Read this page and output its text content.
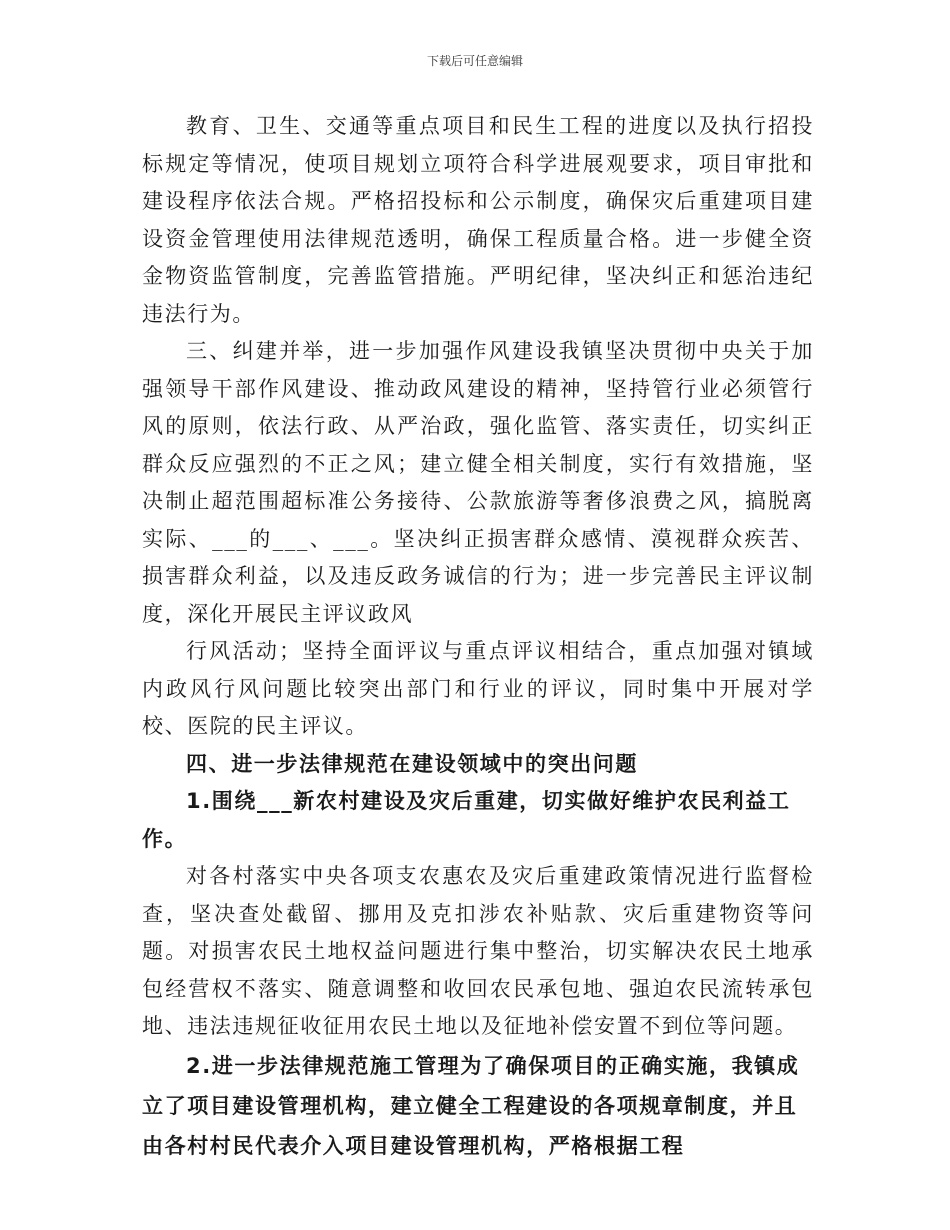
下载后可任意编辑

教育、卫生、交通等重点项目和民生工程的进度以及执行招投标规定等情况，使项目规划立项符合科学进展观要求，项目审批和建设程序依法合规。严格招投标和公示制度，确保灾后重建项目建设资金管理使用法律规范透明，确保工程质量合格。进一步健全资金物资监管制度，完善监管措施。严明纪律，坚决纠正和惩治违纪违法行为。

三、纠建并举，进一步加强作风建设我镇坚决贯彻中央关于加强领导干部作风建设、推动政风建设的精神，坚持管行业必须管行风的原则，依法行政、从严治政，强化监管、落实责任，切实纠正群众反应强烈的不正之风；建立健全相关制度，实行有效措施，坚决制止超范围超标准公务接待、公款旅游等奢侈浪费之风，搞脱离实际、___的___、___。坚决纠正损害群众感情、漠视群众疾苦、损害群众利益，以及违反政务诚信的行为；进一步完善民主评议制度，深化开展民主评议政风

行风活动；坚持全面评议与重点评议相结合，重点加强对镇域内政风行风问题比较突出部门和行业的评议，同时集中开展对学校、医院的民主评议。

四、进一步法律规范在建设领域中的突出问题

1.围绕___新农村建设及灾后重建，切实做好维护农民利益工作。

对各村落实中央各项支农惠农及灾后重建政策情况进行监督检查，坚决查处截留、挪用及克扣涉农补贴款、灾后重建物资等问题。对损害农民土地权益问题进行集中整治，切实解决农民土地承包经营权不落实、随意调整和收回农民承包地、强迫农民流转承包地、违法违规征收征用农民土地以及征地补偿安置不到位等问题。

2.进一步法律规范施工管理为了确保项目的正确实施，我镇成立了项目建设管理机构，建立健全工程建设的各项规章制度，并且由各村村民代表介入项目建设管理机构，严格根据工程
